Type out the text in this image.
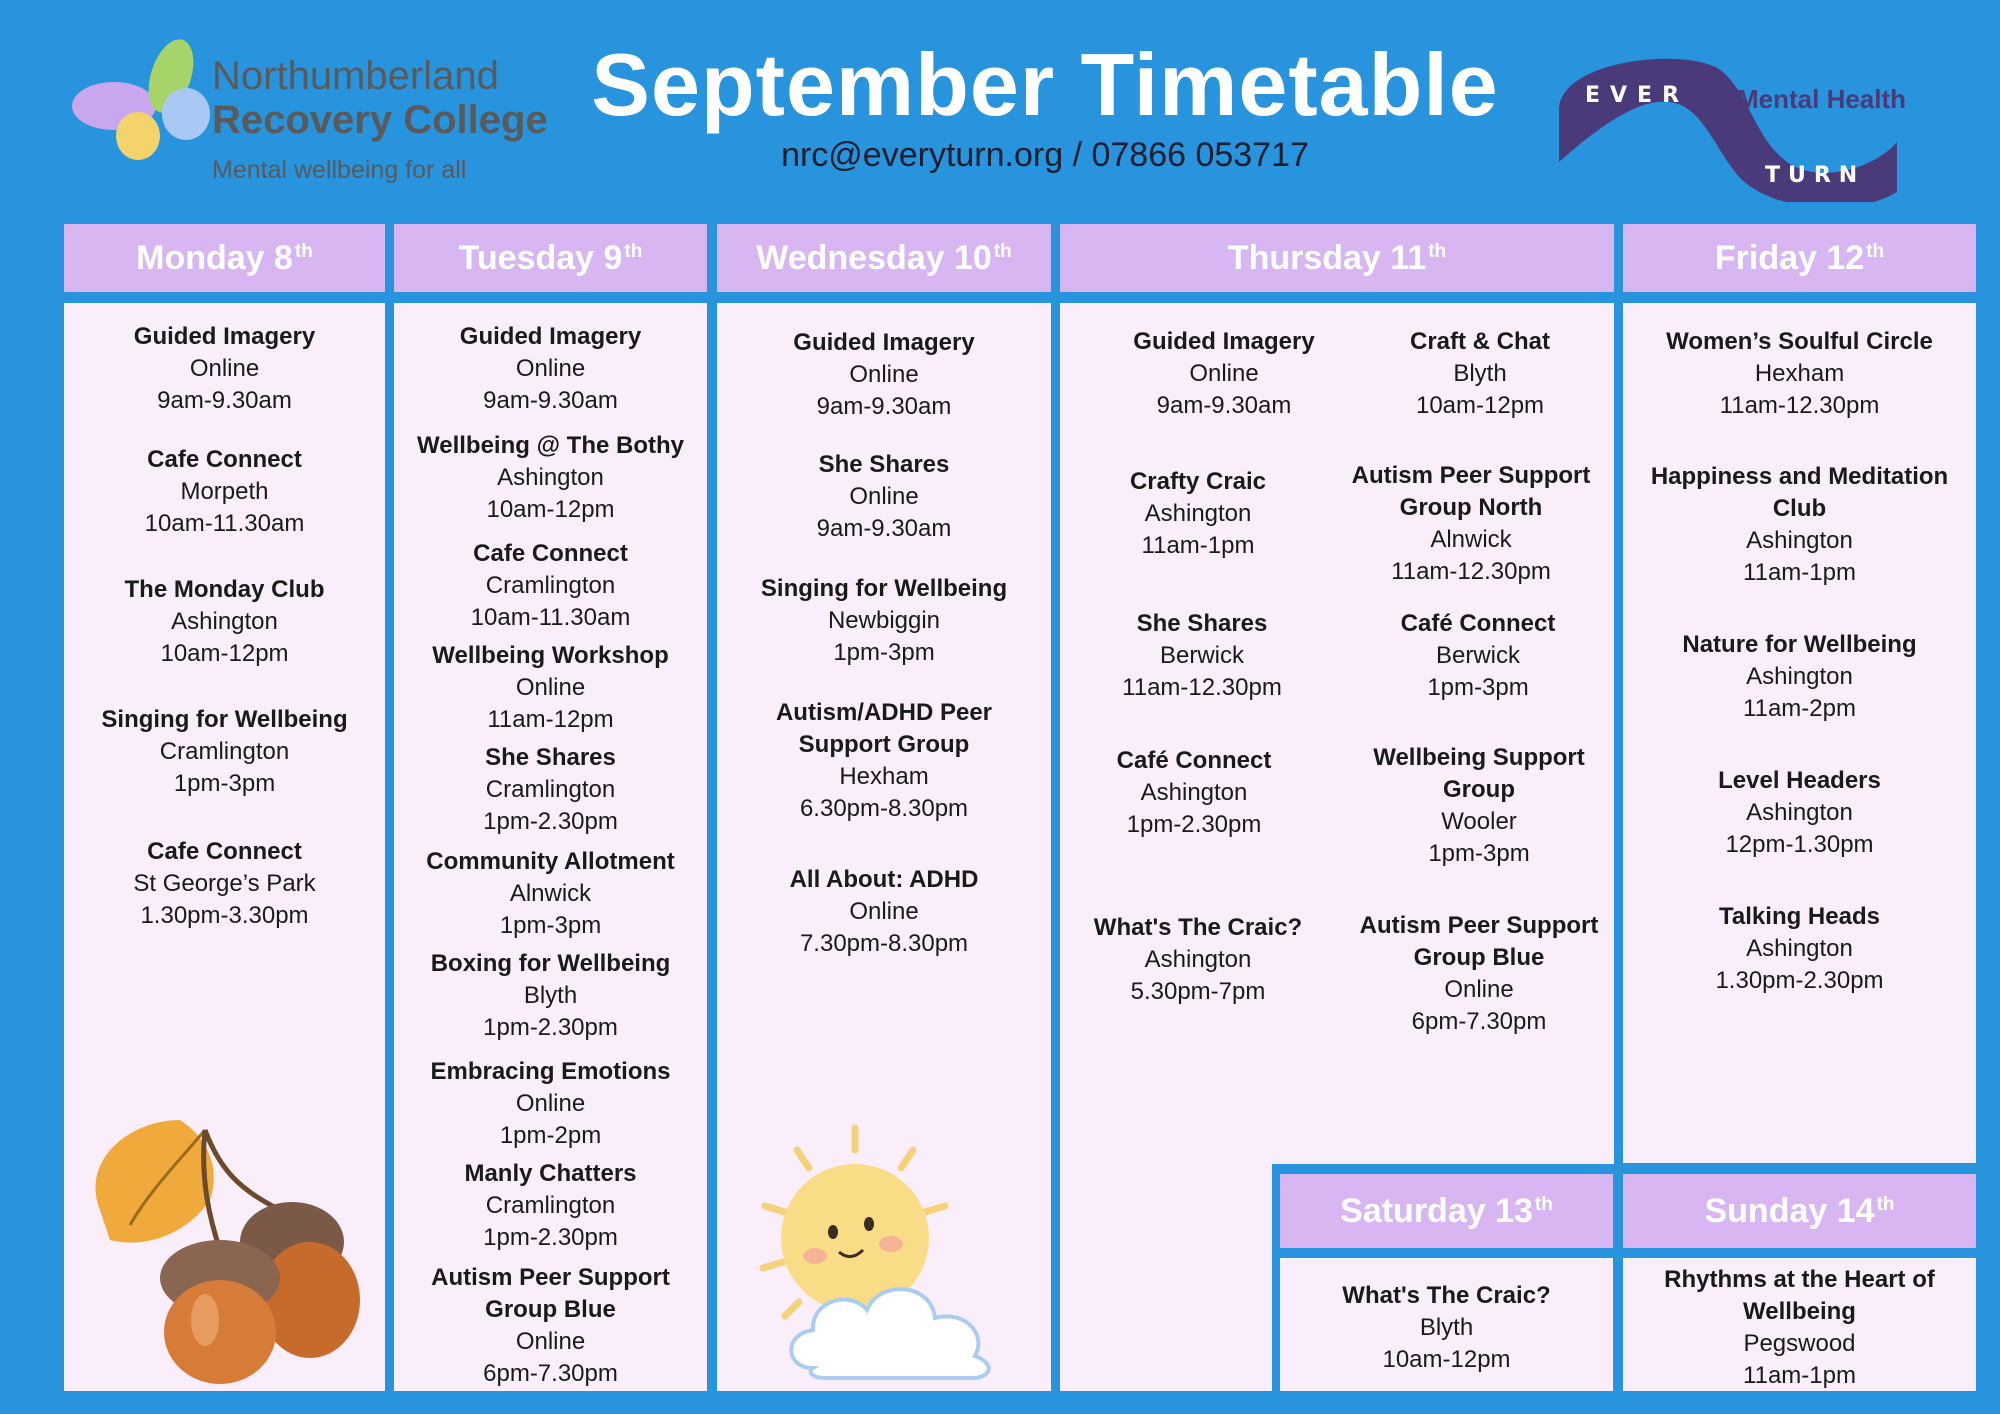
September Timetable
nrc@everyturn.org / 07866 053717
Northumberland
Recovery College
Mental wellbeing for all
EVER
TURN
Mental Health
Monday 8th	Tuesday 9th	Wednesday 10th	Thursday 11th	Friday 12th
Saturday 13th	Sunday 14th
Guided Imagery
Online
9am-9.30am
Cafe Connect
Morpeth
10am-11.30am
The Monday Club
Ashington
10am-12pm
Singing for Wellbeing
Cramlington
1pm-3pm
Cafe Connect
St George’s Park
1.30pm-3.30pm
Guided Imagery
Online
9am-9.30am
Wellbeing @ The Bothy
Ashington
10am-12pm
Cafe Connect
Cramlington
10am-11.30am
Wellbeing Workshop
Online
11am-12pm
She Shares
Cramlington
1pm-2.30pm
Community Allotment
Alnwick
1pm-3pm
Boxing for Wellbeing
Blyth
1pm-2.30pm
Embracing Emotions
Online
1pm-2pm
Manly Chatters
Cramlington
1pm-2.30pm
Autism Peer Support Group Blue
Online
6pm-7.30pm
Guided Imagery
Online
9am-9.30am
She Shares
Online
9am-9.30am
Singing for Wellbeing
Newbiggin
1pm-3pm
Autism/ADHD Peer Support Group
Hexham
6.30pm-8.30pm
All About: ADHD
Online
7.30pm-8.30pm
Guided Imagery
Online
9am-9.30am
Crafty Craic
Ashington
11am-1pm
She Shares
Berwick
11am-12.30pm
Café Connect
Ashington
1pm-2.30pm
What's The Craic?
Ashington
5.30pm-7pm
Craft & Chat
Blyth
10am-12pm
Autism Peer Support Group North
Alnwick
11am-12.30pm
Café Connect
Berwick
1pm-3pm
Wellbeing Support Group
Wooler
1pm-3pm
Autism Peer Support Group Blue
Online
6pm-7.30pm
Women’s Soulful Circle
Hexham
11am-12.30pm
Happiness and Meditation Club
Ashington
11am-1pm
Nature for Wellbeing
Ashington
11am-2pm
Level Headers
Ashington
12pm-1.30pm
Talking Heads
Ashington
1.30pm-2.30pm
What's The Craic?
Blyth
10am-12pm
Rhythms at the Heart of Wellbeing
Pegswood
11am-1pm
